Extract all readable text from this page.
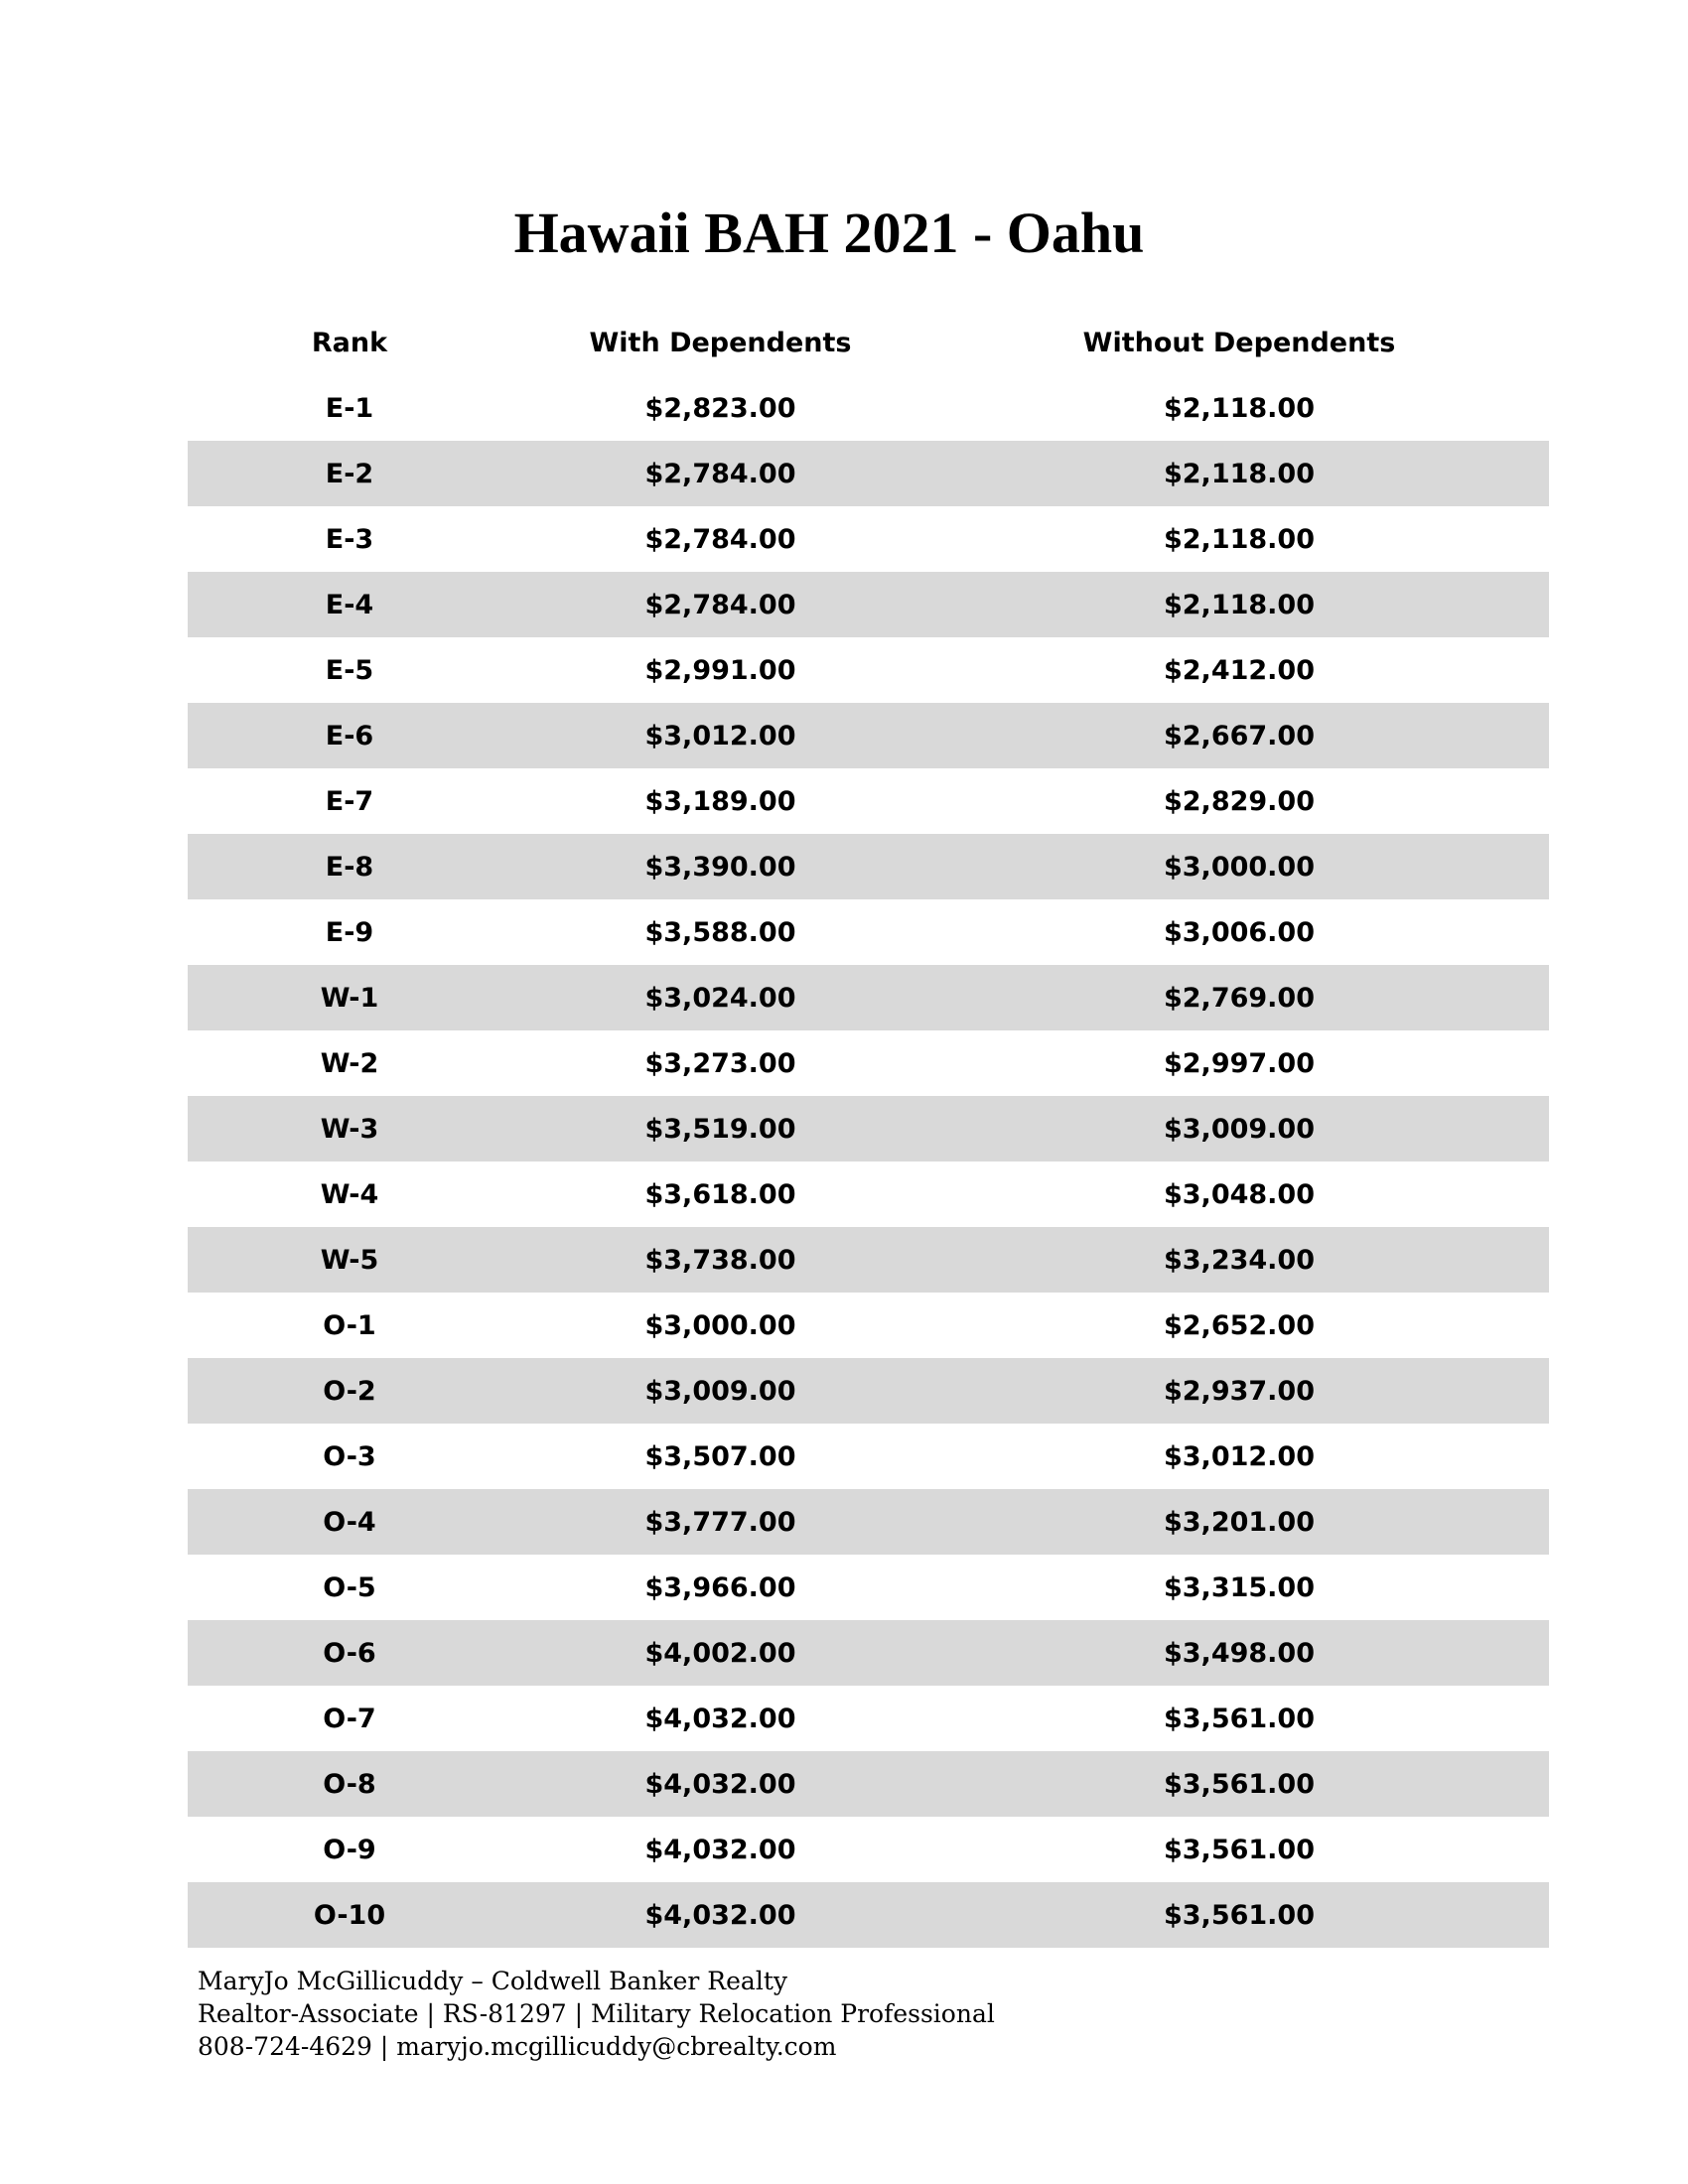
Hawaii BAH 2021 - Oahu
Rank	With Dependents	Without Dependents
E-1	$2,823.00	$2,118.00
E-2	$2,784.00	$2,118.00
E-3	$2,784.00	$2,118.00
E-4	$2,784.00	$2,118.00
E-5	$2,991.00	$2,412.00
E-6	$3,012.00	$2,667.00
E-7	$3,189.00	$2,829.00
E-8	$3,390.00	$3,000.00
E-9	$3,588.00	$3,006.00
W-1	$3,024.00	$2,769.00
W-2	$3,273.00	$2,997.00
W-3	$3,519.00	$3,009.00
W-4	$3,618.00	$3,048.00
W-5	$3,738.00	$3,234.00
O-1	$3,000.00	$2,652.00
O-2	$3,009.00	$2,937.00
O-3	$3,507.00	$3,012.00
O-4	$3,777.00	$3,201.00
O-5	$3,966.00	$3,315.00
O-6	$4,002.00	$3,498.00
O-7	$4,032.00	$3,561.00
O-8	$4,032.00	$3,561.00
O-9	$4,032.00	$3,561.00
O-10	$4,032.00	$3,561.00
MaryJo McGillicuddy – Coldwell Banker Realty
Realtor-Associate | RS-81297 | Military Relocation Professional
808-724-4629 | maryjo.mcgillicuddy@cbrealty.com
